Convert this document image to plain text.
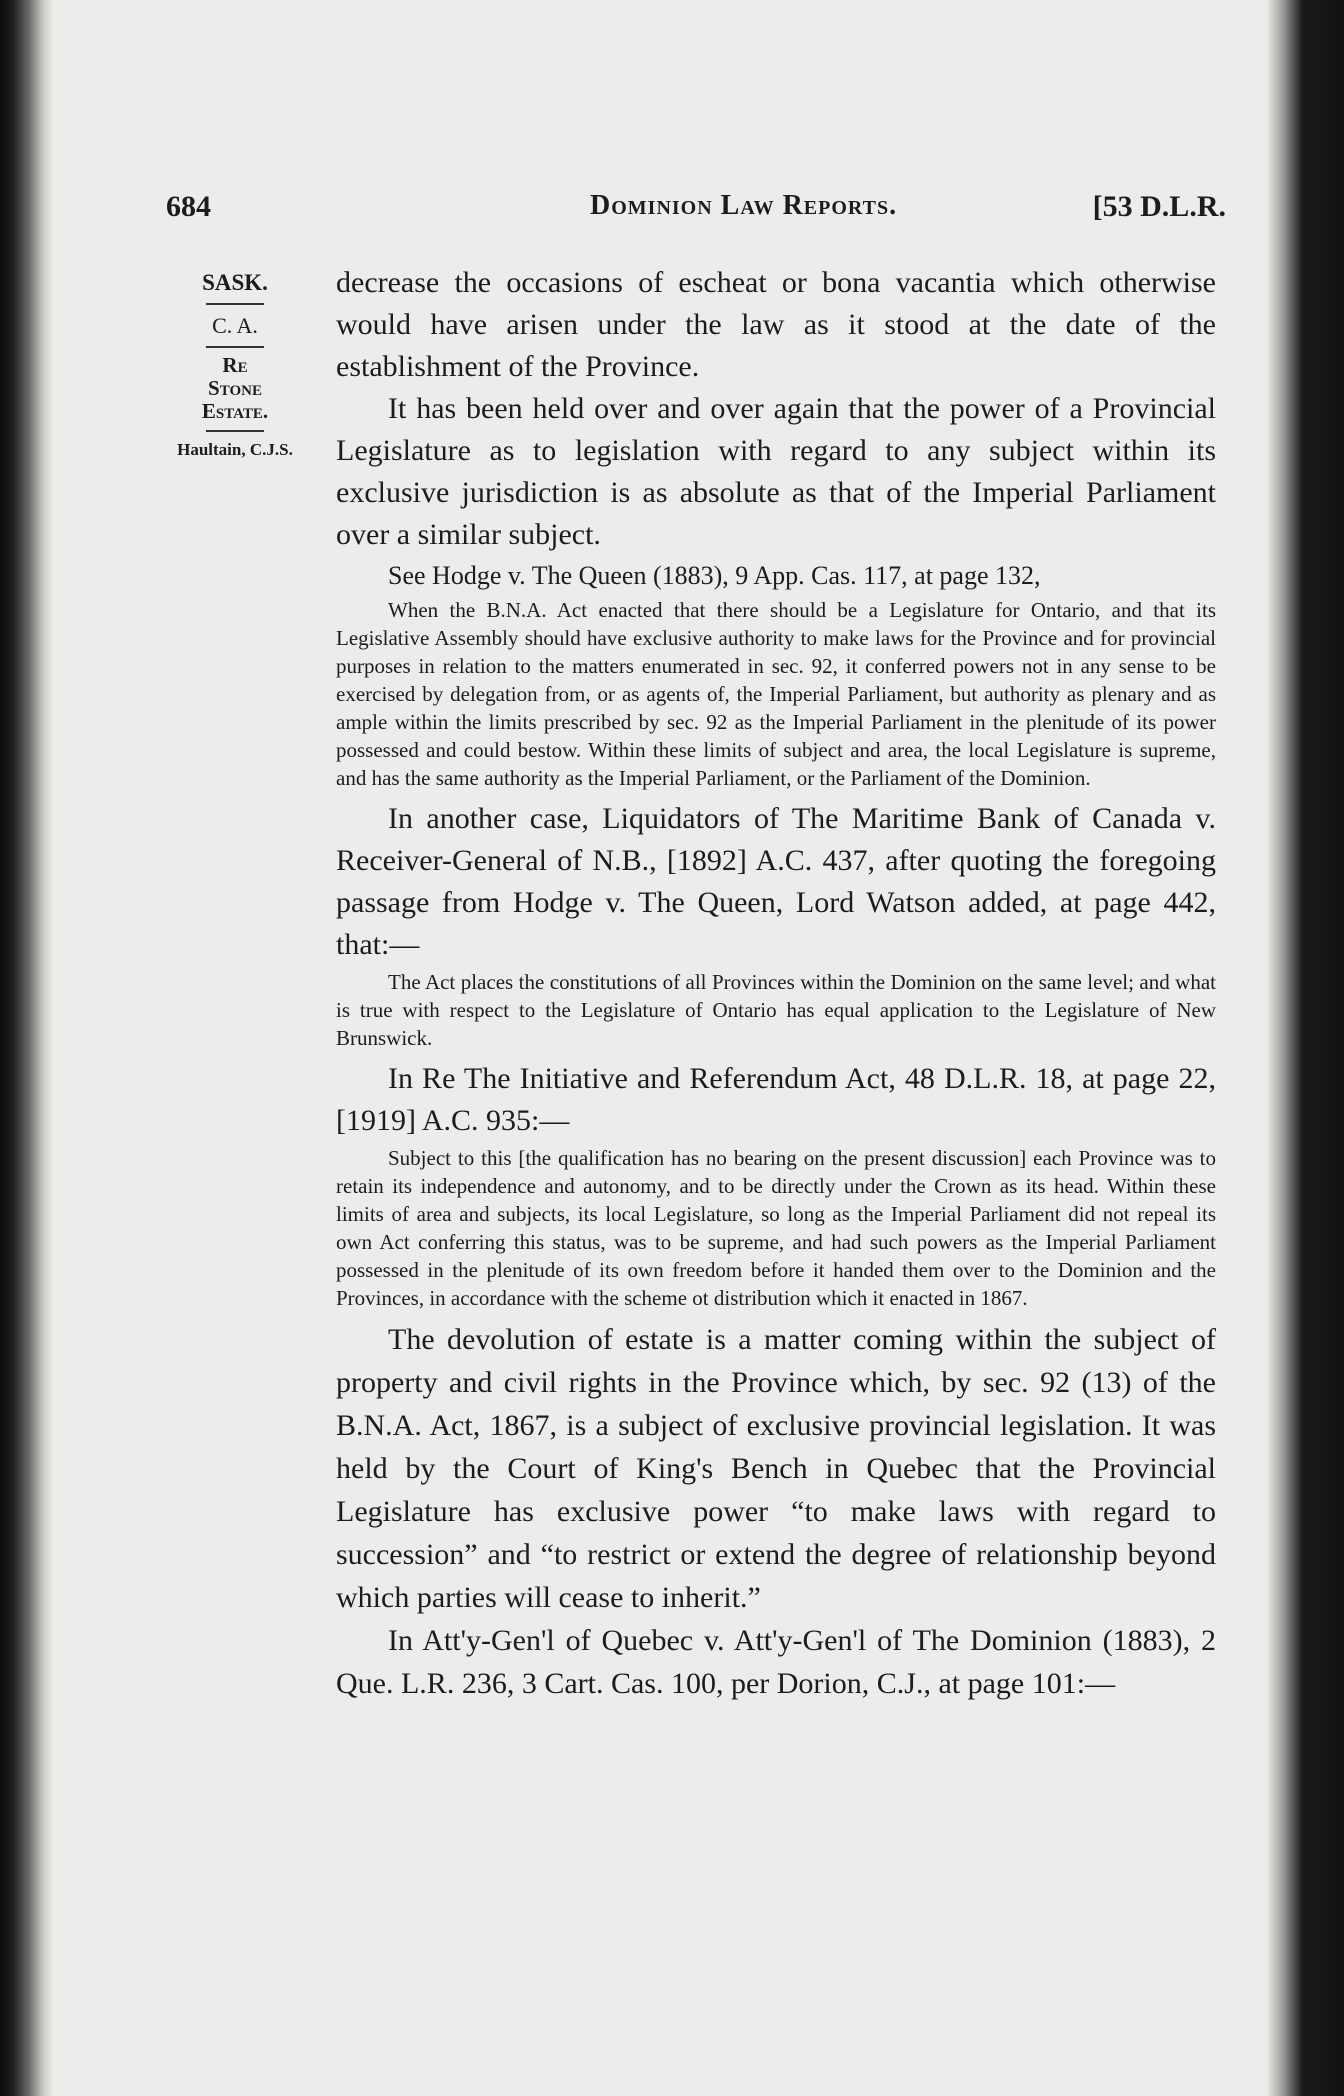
684	Dominion Law Reports.	[53 D.L.R.
SASK.
C. A.
Re
Stone
Estate.
Haultain, C.J.S.

decrease the occasions of escheat or bona vacantia which otherwise would have arisen under the law as it stood at the date of the establishment of the Province.

It has been held over and over again that the power of a Provincial Legislature as to legislation with regard to any subject within its exclusive jurisdiction is as absolute as that of the Imperial Parliament over a similar subject.

See Hodge v. The Queen (1883), 9 App. Cas. 117, at page 132,

When the B.N.A. Act enacted that there should be a Legislature for Ontario, and that its Legislative Assembly should have exclusive authority to make laws for the Province and for provincial purposes in relation to the matters enumerated in sec. 92, it conferred powers not in any sense to be exercised by delegation from, or as agents of, the Imperial Parliament, but authority as plenary and as ample within the limits prescribed by sec. 92 as the Imperial Parliament in the plenitude of its power possessed and could bestow. Within these limits of subject and area, the local Legislature is supreme, and has the same authority as the Imperial Parliament, or the Parliament of the Dominion.

In another case, Liquidators of The Maritime Bank of Canada v. Receiver-General of N.B., [1892] A.C. 437, after quoting the foregoing passage from Hodge v. The Queen, Lord Watson added, at page 442, that:—

The Act places the constitutions of all Provinces within the Dominion on the same level; and what is true with respect to the Legislature of Ontario has equal application to the Legislature of New Brunswick.

In Re The Initiative and Referendum Act, 48 D.L.R. 18, at page 22, [1919] A.C. 935:—

Subject to this [the qualification has no bearing on the present discussion] each Province was to retain its independence and autonomy, and to be directly under the Crown as its head. Within these limits of area and subjects, its local Legislature, so long as the Imperial Parliament did not repeal its own Act conferring this status, was to be supreme, and had such powers as the Imperial Parliament possessed in the plenitude of its own freedom before it handed them over to the Dominion and the Provinces, in accordance with the scheme ot distribution which it enacted in 1867.

The devolution of estate is a matter coming within the subject of property and civil rights in the Province which, by sec. 92 (13) of the B.N.A. Act, 1867, is a subject of exclusive provincial legislation. It was held by the Court of King's Bench in Quebec that the Provincial Legislature has exclusive power “to make laws with regard to succession” and “to restrict or extend the degree of relationship beyond which parties will cease to inherit.”

In Att'y-Gen'l of Quebec v. Att'y-Gen'l of The Dominion (1883), 2 Que. L.R. 236, 3 Cart. Cas. 100, per Dorion, C.J., at page 101:—
